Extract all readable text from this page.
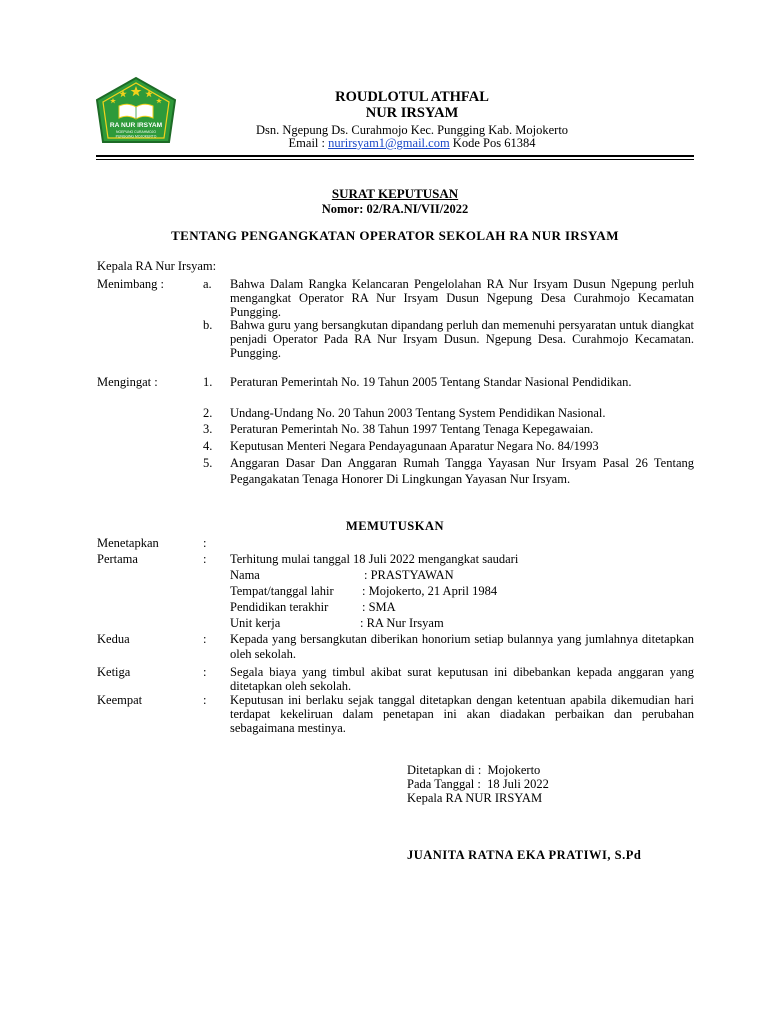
RA NUR IRSYAM
NGEPUNG CURAHMOJO
PUNGGING MOJOKERTO
ROUDLOTUL ATHFAL
NUR IRSYAM
Dsn. Ngepung Ds. Curahmojo Kec. Pungging Kab. Mojokerto
Email : nurirsyam1@gmail.com Kode Pos 61384
SURAT KEPUTUSAN
Nomor: 02/RA.NI/VII/2022
TENTANG PENGANGKATAN OPERATOR SEKOLAH RA NUR IRSYAM
Kepala RA Nur Irsyam:
Menimbang :	a. Bahwa Dalam Rangka Kelancaran Pengelolahan RA Nur Irsyam Dusun Ngepung perluh mengangkat Operator RA Nur Irsyam Dusun Ngepung Desa Curahmojo Kecamatan Pungging.
b. Bahwa guru yang bersangkutan dipandang perluh dan memenuhi persyaratan untuk diangkat penjadi Operator Pada RA Nur Irsyam Dusun. Ngepung Desa. Curahmojo Kecamatan. Pungging.
Mengingat :	1. Peraturan Pemerintah No. 19 Tahun 2005 Tentang Standar Nasional Pendidikan.
2. Undang-Undang No. 20 Tahun 2003 Tentang System Pendidikan Nasional.
3. Peraturan Pemerintah No. 38 Tahun 1997 Tentang Tenaga Kepegawaian.
4. Keputusan Menteri Negara Pendayagunaan Aparatur Negara No. 84/1993
5. Anggaran Dasar Dan Anggaran Rumah Tangga Yayasan Nur Irsyam Pasal 26 Tentang Pegangakatan Tenaga Honorer Di Lingkungan Yayasan Nur Irsyam.
MEMUTUSKAN
Menetapkan	:
Pertama	: Terhitung mulai tanggal 18 Juli 2022 mengangkat saudari
Nama	: PRASTYAWAN
Tempat/tanggal lahir : Mojokerto, 21 April 1984
Pendidikan terakhir	: SMA
Unit kerja	: RA Nur Irsyam
Kedua	: Kepada yang bersangkutan diberikan honorium setiap bulannya yang jumlahnya ditetapkan oleh sekolah.
Ketiga	: Segala biaya yang timbul akibat surat keputusan ini dibebankan kepada anggaran yang ditetapkan oleh sekolah.
Keempat	: Keputusan ini berlaku sejak tanggal ditetapkan dengan ketentuan apabila dikemudian hari terdapat kekeliruan dalam penetapan ini akan diadakan perbaikan dan perubahan sebagaimana mestinya.
Ditetapkan di :  Mojokerto
Pada Tanggal :  18 Juli 2022
Kepala RA NUR IRSYAM
JUANITA RATNA EKA PRATIWI, S.Pd
